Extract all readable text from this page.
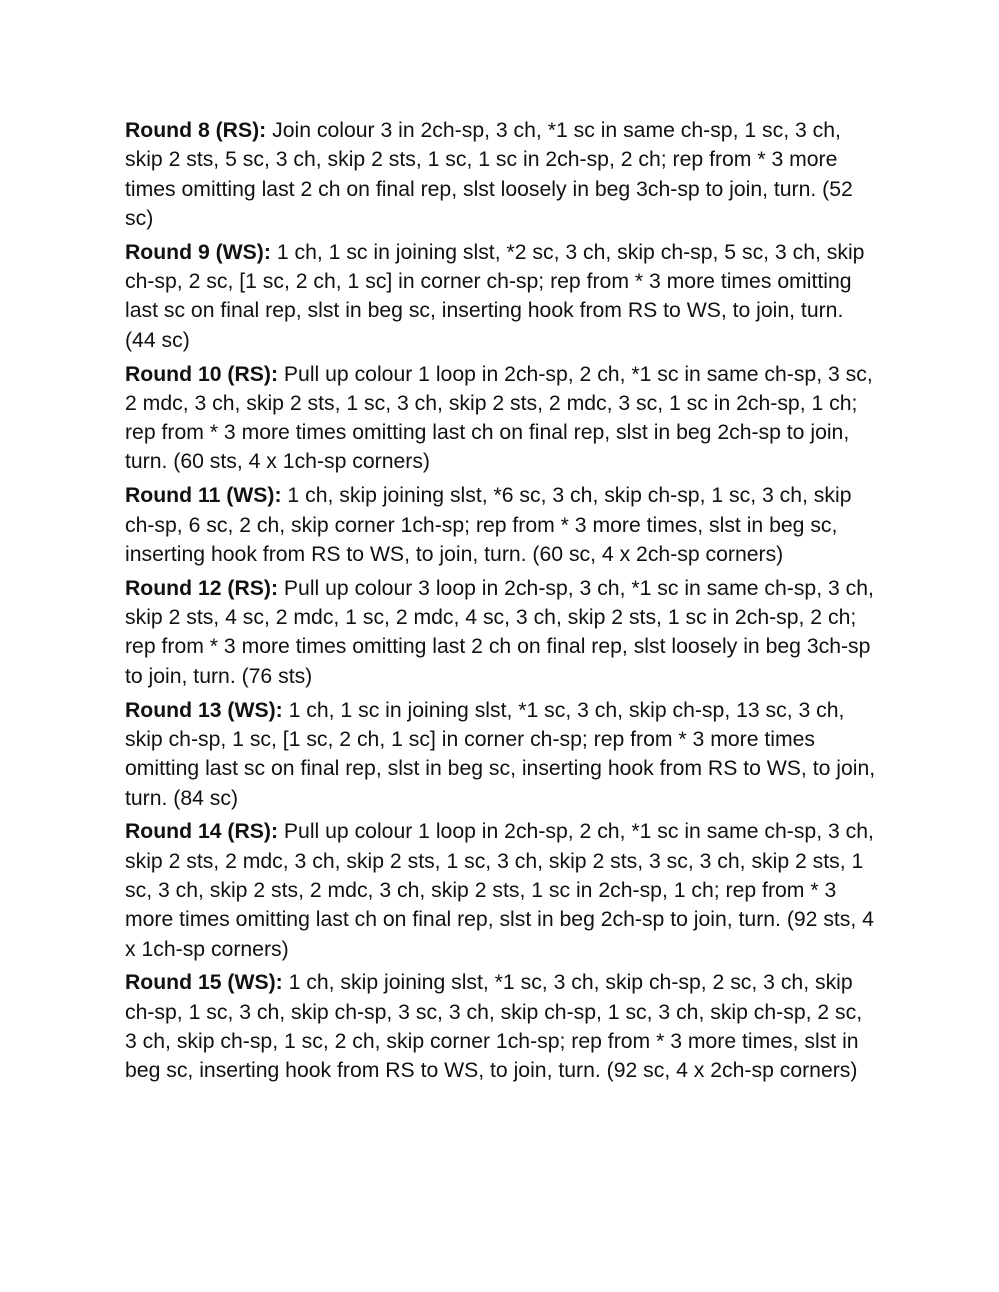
Round 8 (RS): Join colour 3 in 2ch-sp, 3 ch, *1 sc in same ch-sp, 1 sc, 3 ch, skip 2 sts, 5 sc, 3 ch, skip 2 sts, 1 sc, 1 sc in 2ch-sp, 2 ch; rep from * 3 more times omitting last 2 ch on final rep, slst loosely in beg 3ch-sp to join, turn. (52 sc)

Round 9 (WS): 1 ch, 1 sc in joining slst, *2 sc, 3 ch, skip ch-sp, 5 sc, 3 ch, skip ch-sp, 2 sc, [1 sc, 2 ch, 1 sc] in corner ch-sp; rep from * 3 more times omitting last sc on final rep, slst in beg sc, inserting hook from RS to WS, to join, turn. (44 sc)

Round 10 (RS): Pull up colour 1 loop in 2ch-sp, 2 ch, *1 sc in same ch-sp, 3 sc, 2 mdc, 3 ch, skip 2 sts, 1 sc, 3 ch, skip 2 sts, 2 mdc, 3 sc, 1 sc in 2ch-sp, 1 ch; rep from * 3 more times omitting last ch on final rep, slst in beg 2ch-sp to join, turn. (60 sts, 4 x 1ch-sp corners)

Round 11 (WS): 1 ch, skip joining slst, *6 sc, 3 ch, skip ch-sp, 1 sc, 3 ch, skip ch-sp, 6 sc, 2 ch, skip corner 1ch-sp; rep from * 3 more times, slst in beg sc, inserting hook from RS to WS, to join, turn. (60 sc, 4 x 2ch-sp corners)

Round 12 (RS): Pull up colour 3 loop in 2ch-sp, 3 ch, *1 sc in same ch-sp, 3 ch, skip 2 sts, 4 sc, 2 mdc, 1 sc, 2 mdc, 4 sc, 3 ch, skip 2 sts, 1 sc in 2ch-sp, 2 ch; rep from * 3 more times omitting last 2 ch on final rep, slst loosely in beg 3ch-sp to join, turn. (76 sts)

Round 13 (WS): 1 ch, 1 sc in joining slst, *1 sc, 3 ch, skip ch-sp, 13 sc, 3 ch, skip ch-sp, 1 sc, [1 sc, 2 ch, 1 sc] in corner ch-sp; rep from * 3 more times omitting last sc on final rep, slst in beg sc, inserting hook from RS to WS, to join, turn. (84 sc)

Round 14 (RS): Pull up colour 1 loop in 2ch-sp, 2 ch, *1 sc in same ch-sp, 3 ch, skip 2 sts, 2 mdc, 3 ch, skip 2 sts, 1 sc, 3 ch, skip 2 sts, 3 sc, 3 ch, skip 2 sts, 1 sc, 3 ch, skip 2 sts, 2 mdc, 3 ch, skip 2 sts, 1 sc in 2ch-sp, 1 ch; rep from * 3 more times omitting last ch on final rep, slst in beg 2ch-sp to join, turn. (92 sts, 4 x 1ch-sp corners)

Round 15 (WS): 1 ch, skip joining slst, *1 sc, 3 ch, skip ch-sp, 2 sc, 3 ch, skip ch-sp, 1 sc, 3 ch, skip ch-sp, 3 sc, 3 ch, skip ch-sp, 1 sc, 3 ch, skip ch-sp, 2 sc, 3 ch, skip ch-sp, 1 sc, 2 ch, skip corner 1ch-sp; rep from * 3 more times, slst in beg sc, inserting hook from RS to WS, to join, turn. (92 sc, 4 x 2ch-sp corners)
